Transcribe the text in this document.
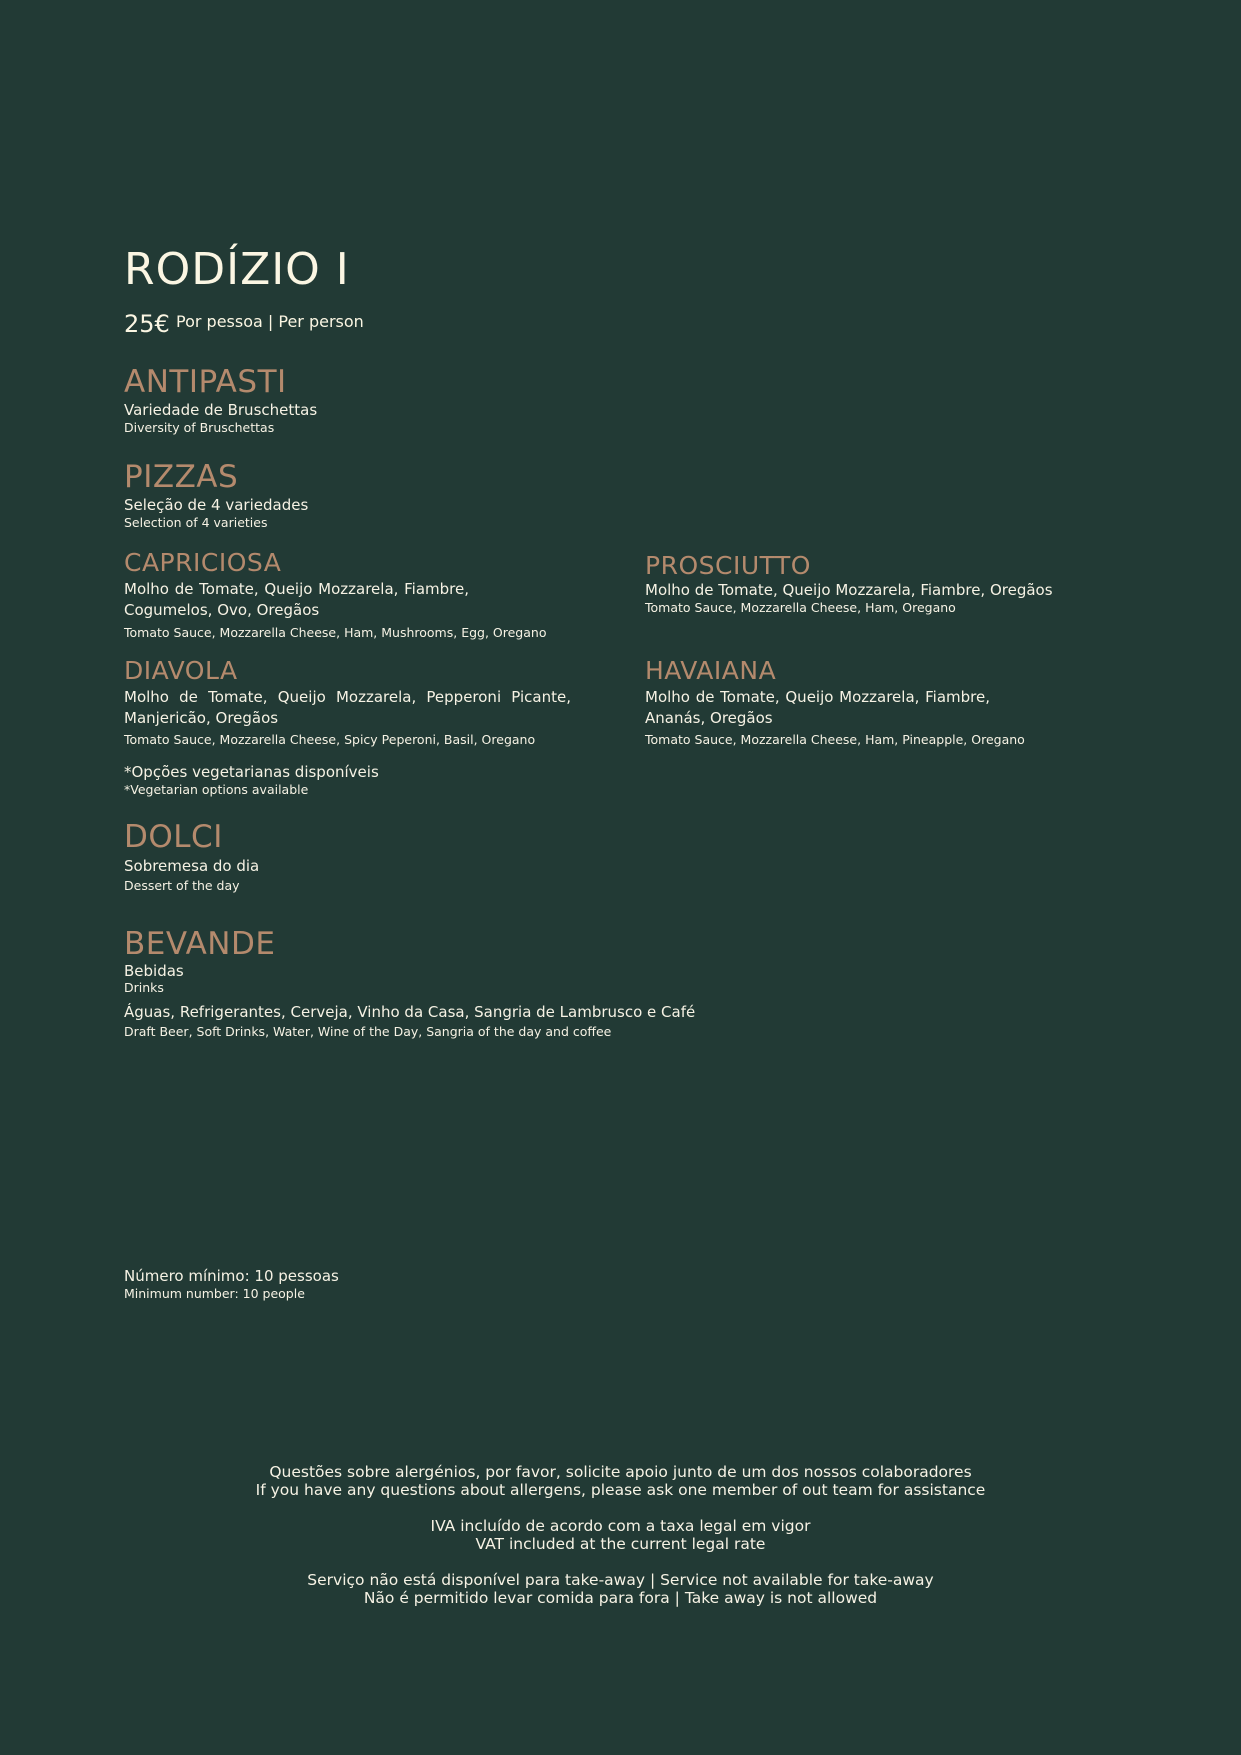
RODÍZIO I
25€ Por pessoa | Per person
ANTIPASTI
Variedade de Bruschettas
Diversity of Bruschettas
PIZZAS
Seleção de 4 variedades
Selection of 4 varieties
CAPRICIOSA
Molho de Tomate, Queijo Mozzarela, Fiambre, Cogumelos, Ovo, Oregãos
Tomato Sauce, Mozzarella Cheese, Ham, Mushrooms, Egg, Oregano
PROSCIUTTO
Molho de Tomate, Queijo Mozzarela, Fiambre, Oregãos
Tomato Sauce, Mozzarella Cheese, Ham, Oregano
DIAVOLA
Molho de Tomate, Queijo Mozzarela, Pepperoni Picante, Manjericão, Oregãos
Tomato Sauce, Mozzarella Cheese, Spicy Peperoni, Basil, Oregano
HAVAIANA
Molho de Tomate, Queijo Mozzarela, Fiambre, Ananás, Oregãos
Tomato Sauce, Mozzarella Cheese, Ham, Pineapple, Oregano
*Opções vegetarianas disponíveis
*Vegetarian options available
DOLCI
Sobremesa do dia
Dessert of the day
BEVANDE
Bebidas
Drinks
Águas, Refrigerantes, Cerveja, Vinho da Casa, Sangria de Lambrusco e Café
Draft Beer, Soft Drinks, Water, Wine of the Day, Sangria of the day and coffee
Número mínimo: 10 pessoas
Minimum number: 10 people
Questões sobre alergénios, por favor, solicite apoio junto de um dos nossos colaboradores
If you have any questions about allergens, please ask one member of out team for assistance
IVA incluído de acordo com a taxa legal em vigor
VAT included at the current legal rate
Serviço não está disponível para take-away | Service not available for take-away
Não é permitido levar comida para fora | Take away is not allowed
